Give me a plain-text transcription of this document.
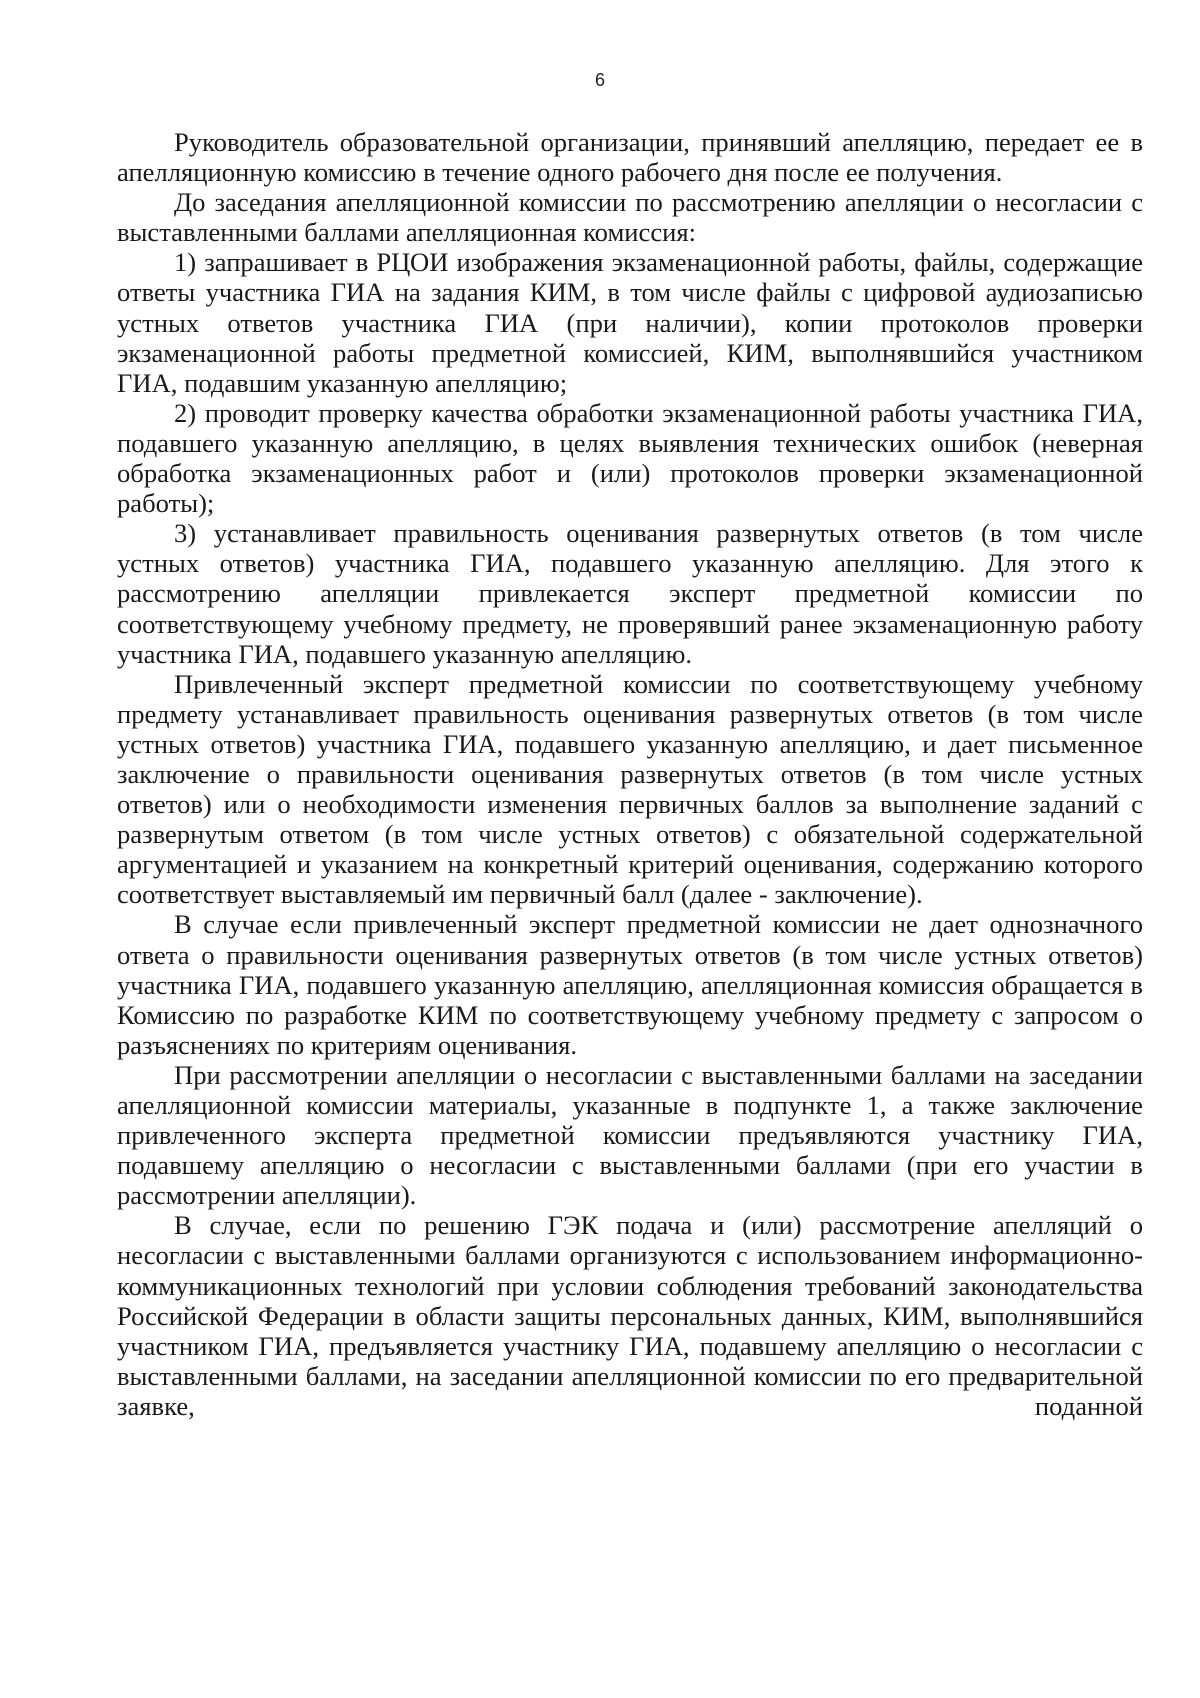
6

Руководитель образовательной организации, принявший апелляцию, передает ее в апелляционную комиссию в течение одного рабочего дня после ее получения.

До заседания апелляционной комиссии по рассмотрению апелляции о несогласии с выставленными баллами апелляционная комиссия:

1) запрашивает в РЦОИ изображения экзаменационной работы, файлы, содержащие ответы участника ГИА на задания КИМ, в том числе файлы с цифровой аудиозаписью устных ответов участника ГИА (при наличии), копии протоколов проверки экзаменационной работы предметной комиссией, КИМ, выполнявшийся участником ГИА, подавшим указанную апелляцию;

2) проводит проверку качества обработки экзаменационной работы участника ГИА, подавшего указанную апелляцию, в целях выявления технических ошибок (неверная обработка экзаменационных работ и (или) протоколов проверки экзаменационной работы);

3) устанавливает правильность оценивания развернутых ответов (в том числе устных ответов) участника ГИА, подавшего указанную апелляцию. Для этого к рассмотрению апелляции привлекается эксперт предметной комиссии по соответствующему учебному предмету, не проверявший ранее экзаменационную работу участника ГИА, подавшего указанную апелляцию.

Привлеченный эксперт предметной комиссии по соответствующему учебному предмету устанавливает правильность оценивания развернутых ответов (в том числе устных ответов) участника ГИА, подавшего указанную апелляцию, и дает письменное заключение о правильности оценивания развернутых ответов (в том числе устных ответов) или о необходимости изменения первичных баллов за выполнение заданий с развернутым ответом (в том числе устных ответов) с обязательной содержательной аргументацией и указанием на конкретный критерий оценивания, содержанию которого соответствует выставляемый им первичный балл (далее - заключение).

В случае если привлеченный эксперт предметной комиссии не дает однозначного ответа о правильности оценивания развернутых ответов (в том числе устных ответов) участника ГИА, подавшего указанную апелляцию, апелляционная комиссия обращается в Комиссию по разработке КИМ по соответствующему учебному предмету с запросом о разъяснениях по критериям оценивания.

При рассмотрении апелляции о несогласии с выставленными баллами на заседании апелляционной комиссии материалы, указанные в подпункте 1, а также заключение привлеченного эксперта предметной комиссии предъявляются участнику ГИА, подавшему апелляцию о несогласии с выставленными баллами (при его участии в рассмотрении апелляции).

В случае, если по решению ГЭК подача и (или) рассмотрение апелляций о несогласии с выставленными баллами организуются с использованием информационно-коммуникационных технологий при условии соблюдения требований законодательства Российской Федерации в области защиты персональных данных, КИМ, выполнявшийся участником ГИА, предъявляется участнику ГИА, подавшему апелляцию о несогласии с выставленными баллами, на заседании апелляционной комиссии по его предварительной заявке, поданной
